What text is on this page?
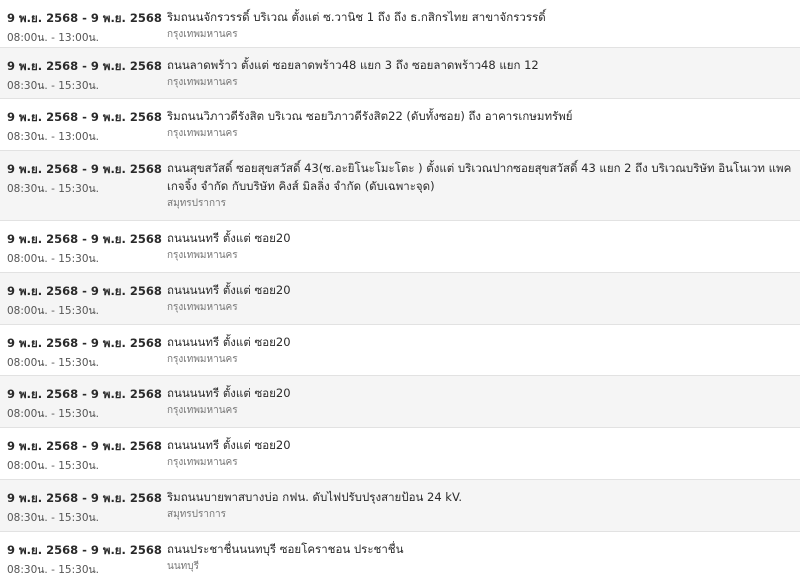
9 พ.ย. 2568 - 9 พ.ย. 2568
08:00น. - 13:00น.
ริมถนนจักรวรรดิ์ บริเวณ ตั้งแต่ ซ.วานิช 1 ถึง ถึง ธ.กสิกรไทย สาขาจักรวรรดิ์
กรุงเทพมหานคร
9 พ.ย. 2568 - 9 พ.ย. 2568
08:30น. - 15:30น.
ถนนลาดพร้าว ตั้งแต่ ซอยลาดพร้าว48 แยก 3 ถึง ซอยลาดพร้าว48 แยก 12
กรุงเทพมหานคร
9 พ.ย. 2568 - 9 พ.ย. 2568
08:30น. - 13:00น.
ริมถนนวิภาวดีรังสิต บริเวณ ซอยวิภาวดีรังสิต22 (ดับทั้งซอย) ถึง อาคารเกษมทรัพย์
กรุงเทพมหานคร
9 พ.ย. 2568 - 9 พ.ย. 2568
08:30น. - 15:30น.
ถนนสุขสวัสดิ์ ซอยสุขสวัสดิ์ 43(ซ.อะยิโนะโมะโตะ ) ตั้งแต่ บริเวณปากซอยสุขสวัสดิ์ 43 แยก 2 ถึง บริเวณบริษัท อินโนเวท แพคเกจจิ้ง จำกัด กับบริษัท คิงส์ มิลลิ่ง จำกัด (ดับเฉพาะจุด)
สมุทรปราการ
9 พ.ย. 2568 - 9 พ.ย. 2568
08:00น. - 15:30น.
ถนนนนทรี ตั้งแต่ ซอย20
กรุงเทพมหานคร
9 พ.ย. 2568 - 9 พ.ย. 2568
08:00น. - 15:30น.
ถนนนนทรี ตั้งแต่ ซอย20
กรุงเทพมหานคร
9 พ.ย. 2568 - 9 พ.ย. 2568
08:00น. - 15:30น.
ถนนนนทรี ตั้งแต่ ซอย20
กรุงเทพมหานคร
9 พ.ย. 2568 - 9 พ.ย. 2568
08:00น. - 15:30น.
ถนนนนทรี ตั้งแต่ ซอย20
กรุงเทพมหานคร
9 พ.ย. 2568 - 9 พ.ย. 2568
08:00น. - 15:30น.
ถนนนนทรี ตั้งแต่ ซอย20
กรุงเทพมหานคร
9 พ.ย. 2568 - 9 พ.ย. 2568
08:30น. - 15:30น.
ริมถนนบายพาสบางบ่อ กฟน. ดับไฟปรับปรุงสายป้อน 24 kV.
สมุทรปราการ
9 พ.ย. 2568 - 9 พ.ย. 2568
08:30น. - 15:30น.
ถนนประชาชื่นนนทบุรี ซอยโคราชอน ประชาชื่น
นนทบุรี
